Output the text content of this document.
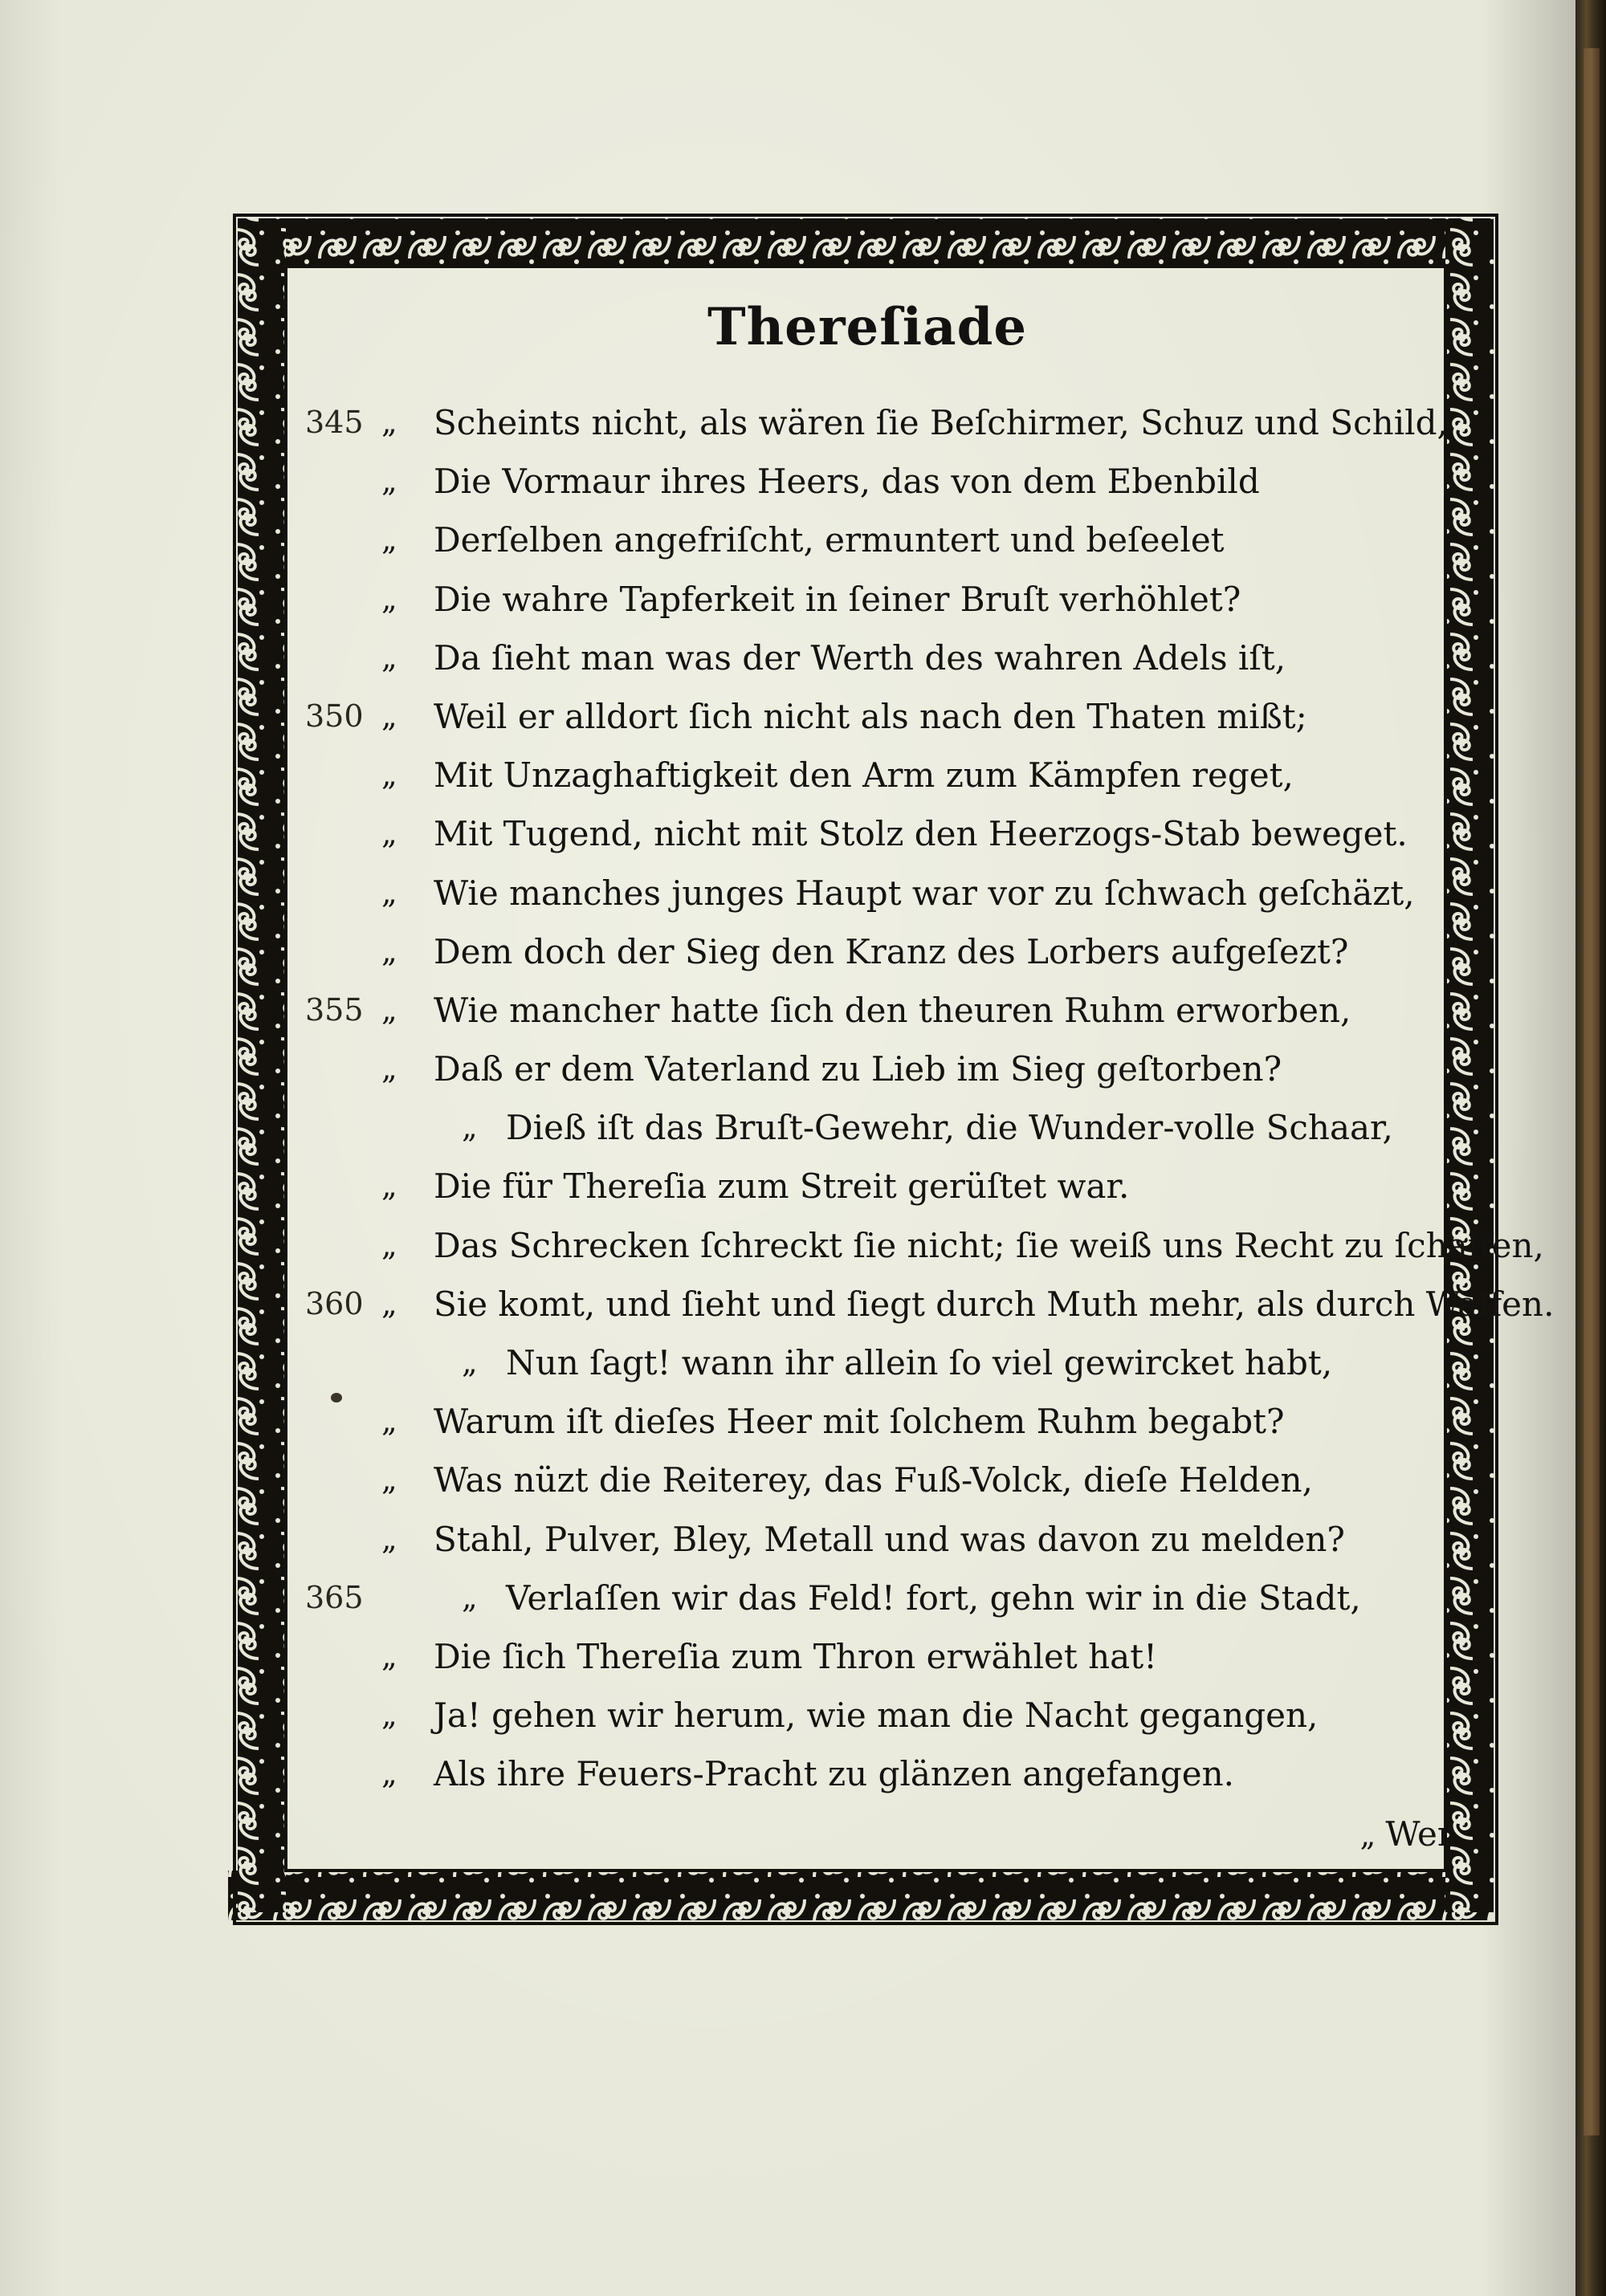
Thereſiade
345 „ Scheints nicht, als wären ſie Beſchirmer, Schuz und Schild,
„ Die Vormaur ihres Heers, das von dem Ebenbild
„ Derſelben angefriſcht, ermuntert und beſeelet
„ Die wahre Tapferkeit in ſeiner Bruſt verhöhlet?
„ Da ſieht man was der Werth des wahren Adels iſt,
350 „ Weil er alldort ſich nicht als nach den Thaten mißt;
„ Mit Unzaghaftigkeit den Arm zum Kämpfen reget,
„ Mit Tugend, nicht mit Stolz den Heerzogs-Stab beweget.
„ Wie manches junges Haupt war vor zu ſchwach geſchäzt,
„ Dem doch der Sieg den Kranz des Lorbers aufgeſezt?
355 „ Wie mancher hatte ſich den theuren Ruhm erworben,
„ Daß er dem Vaterland zu Lieb im Sieg geſtorben?
„ Dieß iſt das Bruſt-Gewehr, die Wunder-volle Schaar,
„ Die für Thereſia zum Streit gerüſtet war.
„ Das Schrecken ſchreckt ſie nicht; ſie weiß uns Recht zu ſchaffen,
360 „ Sie komt, und ſieht und ſiegt durch Muth mehr, als durch Waffen.
„ Nun ſagt! wann ihr allein ſo viel gewircket habt,
„ Warum iſt dieſes Heer mit ſolchem Ruhm begabt?
„ Was nüzt die Reiterey, das Fuß-Volck, dieſe Helden,
„ Stahl, Pulver, Bley, Metall und was davon zu melden?
365	„ Verlaſſen wir das Feld! fort, gehn wir in die Stadt,
„ Die ſich Thereſia zum Thron erwählet hat!
„ Ja! gehen wir herum, wie man die Nacht gegangen,
„ Als ihre Feuers-Pracht zu glänzen angefangen.
„ Wer
